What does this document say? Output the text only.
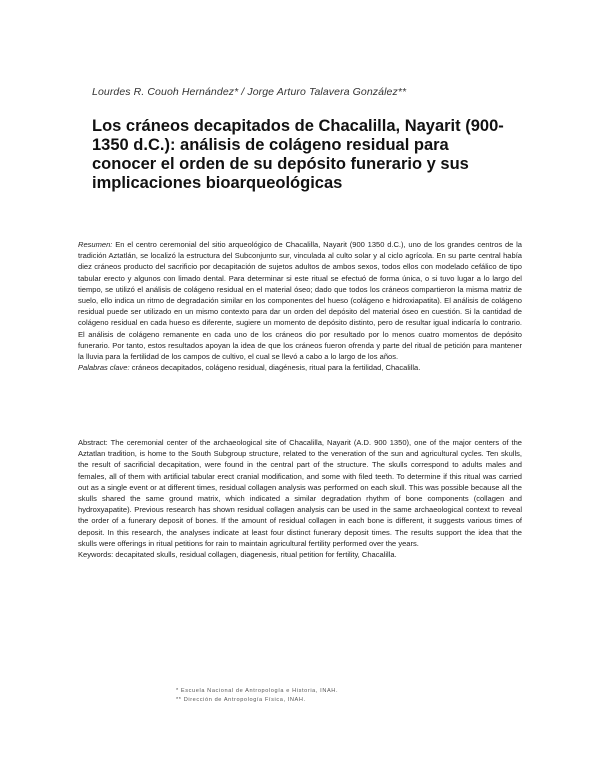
Lourdes R. Couoh Hernández* / Jorge Arturo Talavera González**
Los cráneos decapitados de Chacalilla, Nayarit (900-1350 d.C.): análisis de colágeno residual para conocer el orden de su depósito funerario y sus implicaciones bioarqueológicas

Resumen: En el centro ceremonial del sitio arqueológico de Chacalilla, Nayarit (900 1350 d.C.), uno de los grandes centros de la tradición Aztatlán, se localizó la estructura del Subconjunto sur, vinculada al culto solar y al ciclo agrícola. En su parte central había diez cráneos producto del sacrificio por decapitación de sujetos adultos de ambos sexos, todos ellos con modelado cefálico de tipo tabular erecto y algunos con limado dental. Para determinar si este ritual se efectuó de forma única, o si tuvo lugar a lo largo del tiempo, se utilizó el análisis de colágeno residual en el material óseo; dado que todos los cráneos compartieron la misma matriz de suelo, ello indica un ritmo de degradación similar en los componentes del hueso (colágeno e hidroxiapatita). El análisis de colágeno residual puede ser utilizado en un mismo contexto para dar un orden del depósito del material óseo en cuestión. Si la cantidad de colágeno residual en cada hueso es diferente, sugiere un momento de depósito distinto, pero de resultar igual indicaría lo contrario. El análisis de colágeno remanente en cada uno de los cráneos dio por resultado por lo menos cuatro momentos de depósito funerario. Por tanto, estos resultados apoyan la idea de que los cráneos fueron ofrenda y parte del ritual de petición para mantener la lluvia para la fertilidad de los campos de cultivo, el cual se llevó a cabo a lo largo de los años.

Palabras clave: cráneos decapitados, colágeno residual, diagénesis, ritual para la fertilidad, Chacalilla.

Abstract: The ceremonial center of the archaeological site of Chacalilla, Nayarit (A.D. 900 1350), one of the major centers of the Aztatlan tradition, is home to the South Subgroup structure, related to the veneration of the sun and agricultural cycles. Ten skulls, the result of sacrificial decapitation, were found in the central part of the structure. The skulls correspond to adults males and females, all of them with artificial tabular erect cranial modification, and some with filed teeth. To determine if this ritual was carried out as a single event or at different times, residual collagen analysis was performed on each skull. This was possible because all the skulls shared the same ground matrix, which indicated a similar degradation rhythm of bone components (collagen and hydroxyapatite). Previous research has shown residual collagen analysis can be used in the same archaeological context to reveal the order of a funerary deposit of bones. If the amount of residual collagen in each bone is different, it suggests various times of deposit. In this research, the analyses indicate at least four distinct funerary deposit times. The results support the idea that the skulls were offerings in ritual petitions for rain to maintain agricultural fertility performed over the years.

Keywords: decapitated skulls, residual collagen, diagenesis, ritual petition for fertility, Chacalilla.

* Escuela Nacional de Antropología e Historia, INAH.
** Dirección de Antropología Física, INAH.
